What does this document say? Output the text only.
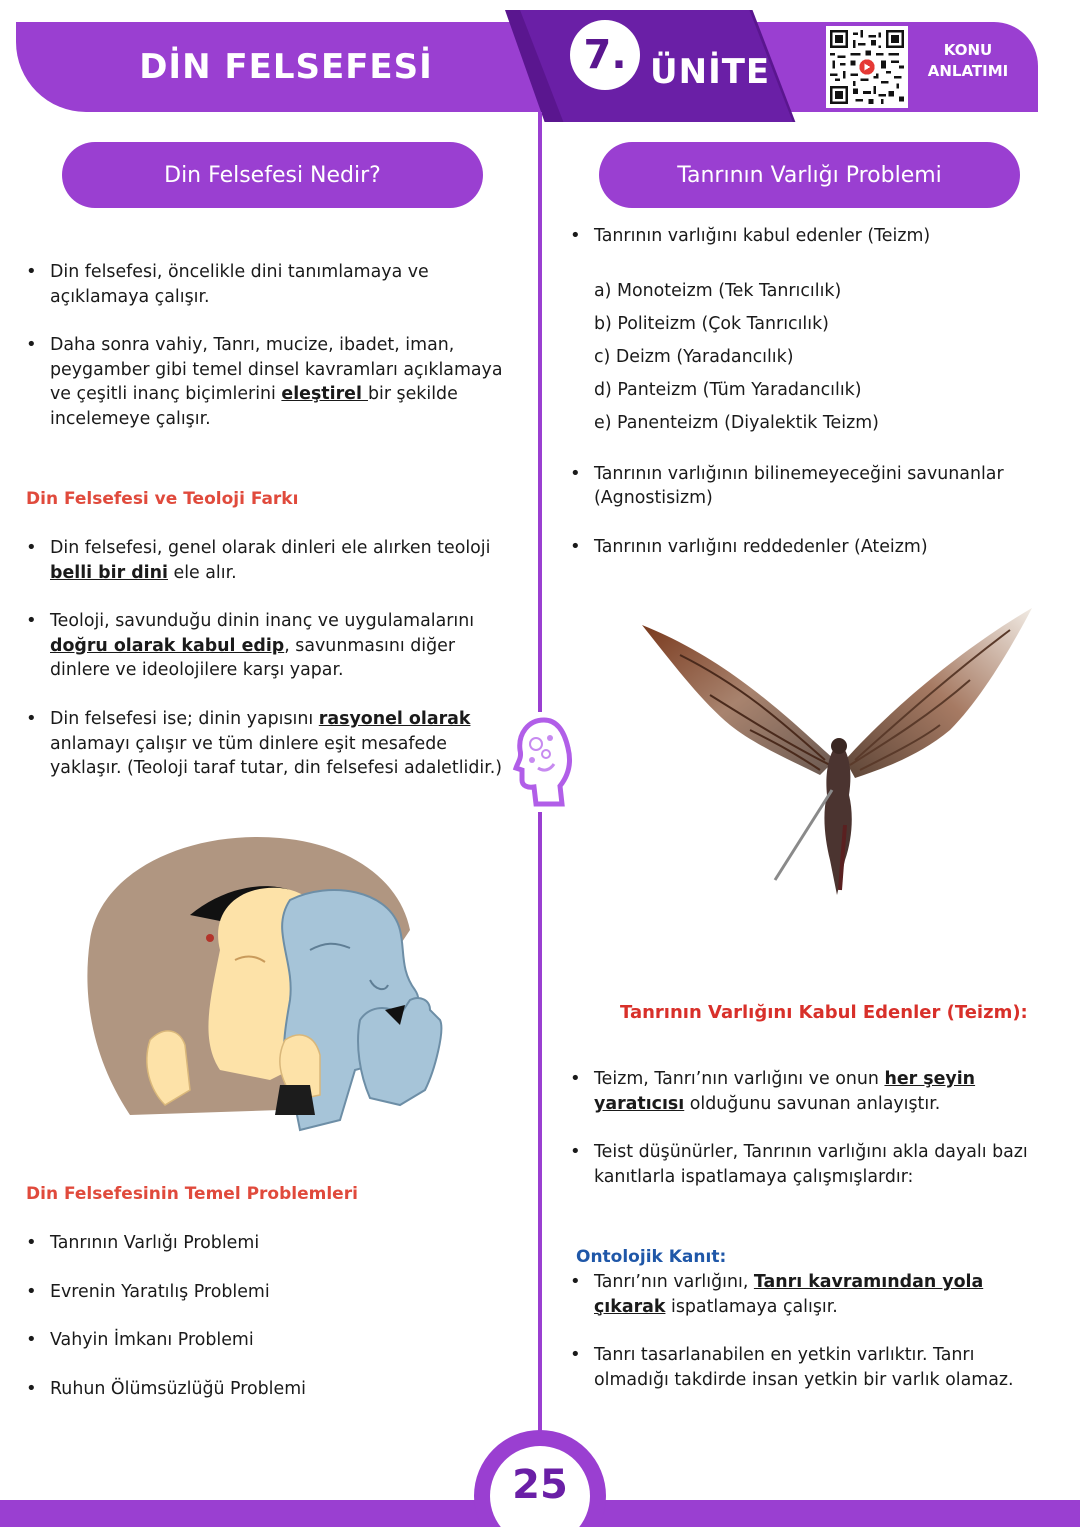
DİN FELSEFESİ	7. ÜNİTE
KONU
ANLATIMI
Din Felsefesi Nedir?
• Din felsefesi, öncelikle dini tanımlamaya ve açıklamaya çalışır.
• Daha sonra vahiy, Tanrı, mucize, ibadet, iman, peygamber gibi temel dinsel kavramları açıklamaya ve çeşitli inanç biçimlerini eleştirel bir şekilde incelemeye çalışır.
Din Felsefesi ve Teoloji Farkı
• Din felsefesi, genel olarak dinleri ele alırken teoloji belli bir dini ele alır.
• Teoloji, savunduğu dinin inanç ve uygulamalarını doğru olarak kabul edip, savunmasını diğer dinlere ve ideolojilere karşı yapar.
• Din felsefesi ise; dinin yapısını rasyonel olarak anlamayı çalışır ve tüm dinlere eşit mesafede yaklaşır. (Teoloji taraf tutar, din felsefesi adaletlidir.)
Din Felsefesinin Temel Problemleri
• Tanrının Varlığı Problemi
• Evrenin Yaratılış Problemi
• Vahyin İmkanı Problemi
• Ruhun Ölümsüzlüğü Problemi
Tanrının Varlığı Problemi
• Tanrının varlığını kabul edenler (Teizm)
a) Monoteizm (Tek Tanrıcılık)
b) Politeizm (Çok Tanrıcılık)
c) Deizm (Yaradancılık)
d) Panteizm (Tüm Yaradancılık)
e) Panenteizm (Diyalektik Teizm)
• Tanrının varlığının bilinemeyeceğini savunanlar (Agnostisizm)
• Tanrının varlığını reddedenler (Ateizm)
Tanrının Varlığını Kabul Edenler (Teizm):
• Teizm, Tanrı’nın varlığını ve onun her şeyin yaratıcısı olduğunu savunan anlayıştır.
• Teist düşünürler, Tanrının varlığını akla dayalı bazı kanıtlarla ispatlamaya çalışmışlardır:
Ontolojik Kanıt:
• Tanrı’nın varlığını, Tanrı kavramından yola çıkarak ispatlamaya çalışır.
• Tanrı tasarlanabilen en yetkin varlıktır. Tanrı olmadığı takdirde insan yetkin bir varlık olamaz.
25
